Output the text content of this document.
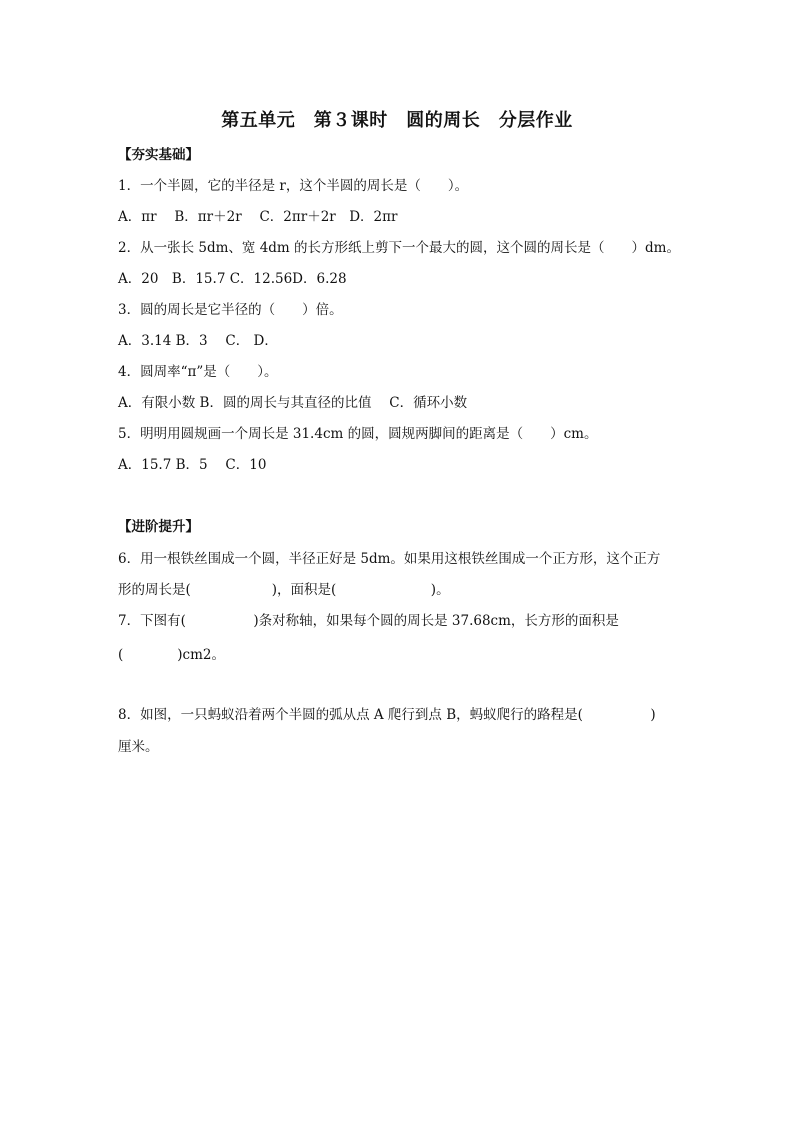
第五单元　第３课时　圆的周长　分层作业
【夯实基础】
1．一个半圆，它的半径是 r，这个半圆的周长是（　　）。
A．πr　 B．πr＋2r　 C．2πr＋2r　D．2πr
2．从一张长 5dm、宽 4dm 的长方形纸上剪下一个最大的圆，这个圆的周长是（　　）dm。
A．20　B．15.7 C．12.56D．6.28
3．圆的周长是它半径的（　　）倍。
A．3.14 B．3　 C． D．
4．圆周率“π”是（　　）。
A．有限小数 B．圆的周长与其直径的比值　 C．循环小数
5．明明用圆规画一个周长是 31.4cm 的圆，圆规两脚间的距离是（　　）cm。
A．15.7 B．5　 C．10
【进阶提升】
6．用一根铁丝围成一个圆，半径正好是 5dm。如果用这根铁丝围成一个正方形，这个正方
形的周长是(　　　　　　)，面积是(　　　　　　　)。
7．下图有(　　　　　)条对称轴，如果每个圆的周长是 37.68cm，长方形的面积是
(　　　　)cm2。
8．如图，一只蚂蚁沿着两个半圆的弧从点 A 爬行到点 B，蚂蚁爬行的路程是(　　　　　)
厘米。
